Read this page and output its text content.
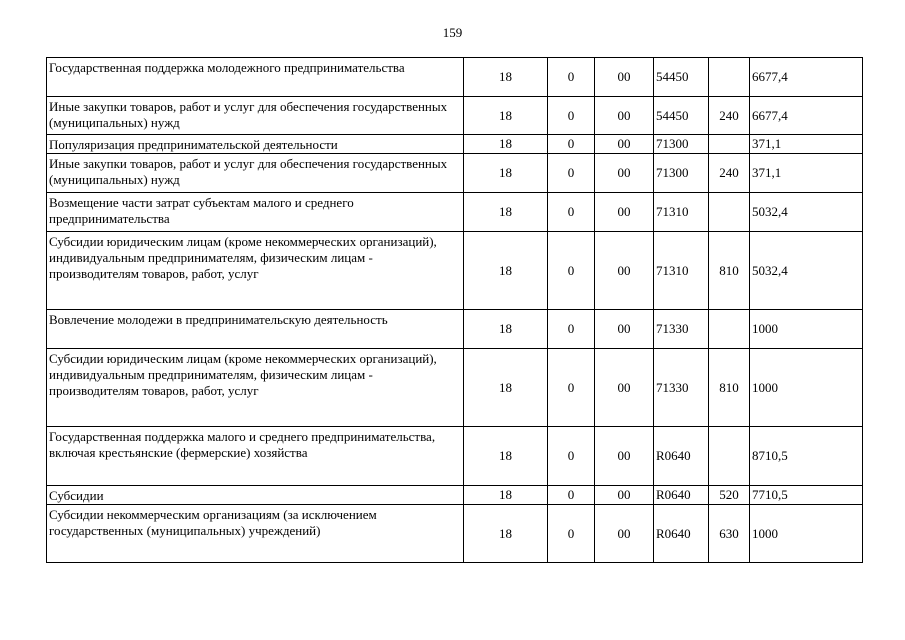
159
Государственная поддержка молодежного предпринимательства	18	0	00	54450		6677,4
Иные закупки товаров, работ и услуг для обеспечения государственных (муниципальных) нужд	18	0	00	54450	240	6677,4
Популяризация предпринимательской деятельности	18	0	00	71300		371,1
Иные закупки товаров, работ и услуг для обеспечения государственных (муниципальных) нужд	18	0	00	71300	240	371,1
Возмещение части затрат субъектам малого и среднего предпринимательства	18	0	00	71310		5032,4
Субсидии юридическим лицам (кроме некоммерческих организаций), индивидуальным предпринимателям, физическим лицам - производителям товаров, работ, услуг	18	0	00	71310	810	5032,4
Вовлечение молодежи в предпринимательскую деятельность	18	0	00	71330		1000
Субсидии юридическим лицам (кроме некоммерческих организаций), индивидуальным предпринимателям, физическим лицам - производителям товаров, работ, услуг	18	0	00	71330	810	1000
Государственная поддержка малого и среднего предпринимательства, включая крестьянские (фермерские) хозяйства	18	0	00	R0640		8710,5
Субсидии	18	0	00	R0640	520	7710,5
Субсидии некоммерческим организациям (за исключением государственных (муниципальных) учреждений)	18	0	00	R0640	630	1000
